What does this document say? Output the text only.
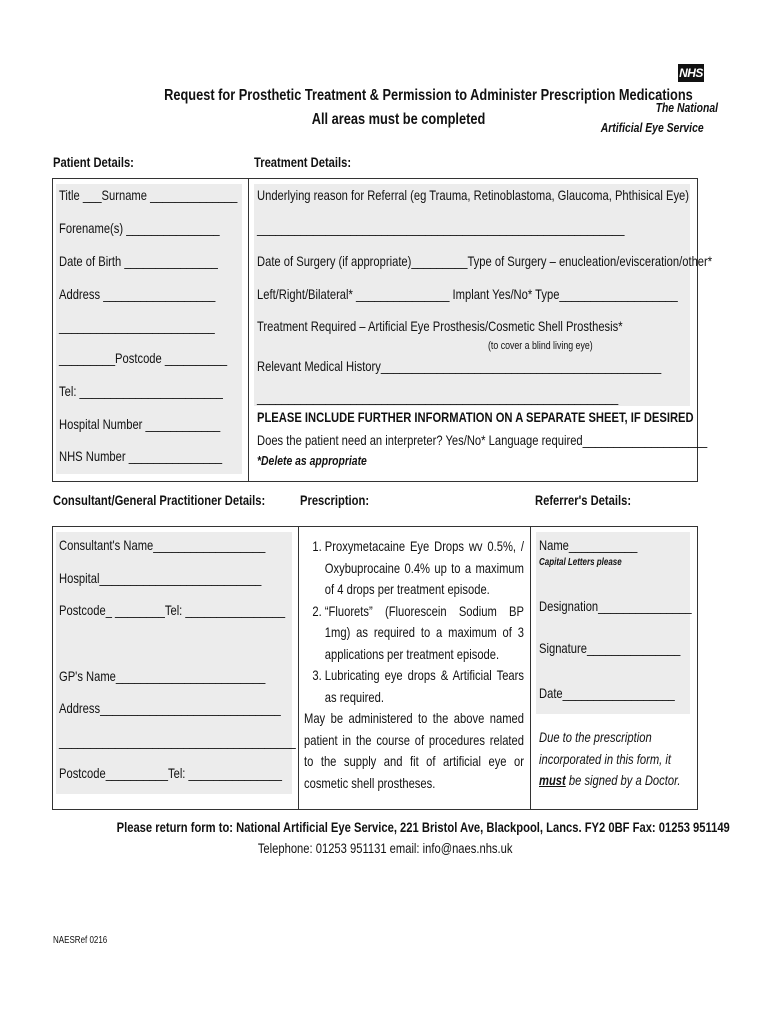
NHS
The National
Artificial Eye Service
Request for Prosthetic Treatment & Permission to Administer Prescription Medications
All areas must be completed
Patient Details:	Treatment Details:
Title ___Surname ______________
Forename(s) _______________
Date of Birth _______________
Address __________________
_________________________
_________Postcode __________
Tel: _______________________
Hospital Number ____________
NHS Number _______________
Underlying reason for Referral (eg Trauma, Retinoblastoma, Glaucoma, Phthisical Eye)
___________________________________________________________
Date of Surgery (if appropriate)_________Type of Surgery – enucleation/evisceration/other*
Left/Right/Bilateral* _______________ Implant Yes/No* Type___________________
Treatment Required – Artificial Eye Prosthesis/Cosmetic Shell Prosthesis*
(to cover a blind living eye)
Relevant Medical History_____________________________________________
__________________________________________________________
PLEASE INCLUDE FURTHER INFORMATION ON A SEPARATE SHEET, IF DESIRED
Does the patient need an interpreter? Yes/No* Language required____________________
*Delete as appropriate
Consultant/General Practitioner Details:	Prescription:	Referrer's Details:
Consultant's Name__________________
Hospital__________________________
Postcode_ ________Tel: ________________
GP's Name________________________
Address_____________________________
______________________________________
Postcode__________Tel: _______________
1. Proxymetacaine Eye Drops wv 0.5%, / Oxybuprocaine 0.4% up to a maximum of 4 drops per treatment episode.
2. “Fluorets” (Fluorescein Sodium BP 1mg) as required to a maximum of 3 applications per treatment episode.
3. Lubricating eye drops & Artificial Tears as required.
May be administered to the above named patient in the course of procedures related to the supply and fit of artificial eye or cosmetic shell prostheses.
Name___________
Capital Letters please
Designation_______________
Signature_______________
Date__________________
Due to the prescription incorporated in this form, it must be signed by a Doctor.
Please return form to: National Artificial Eye Service, 221 Bristol Ave, Blackpool, Lancs. FY2 0BF Fax: 01253 951149
Telephone: 01253 951131 email: info@naes.nhs.uk
NAESRef 0216
